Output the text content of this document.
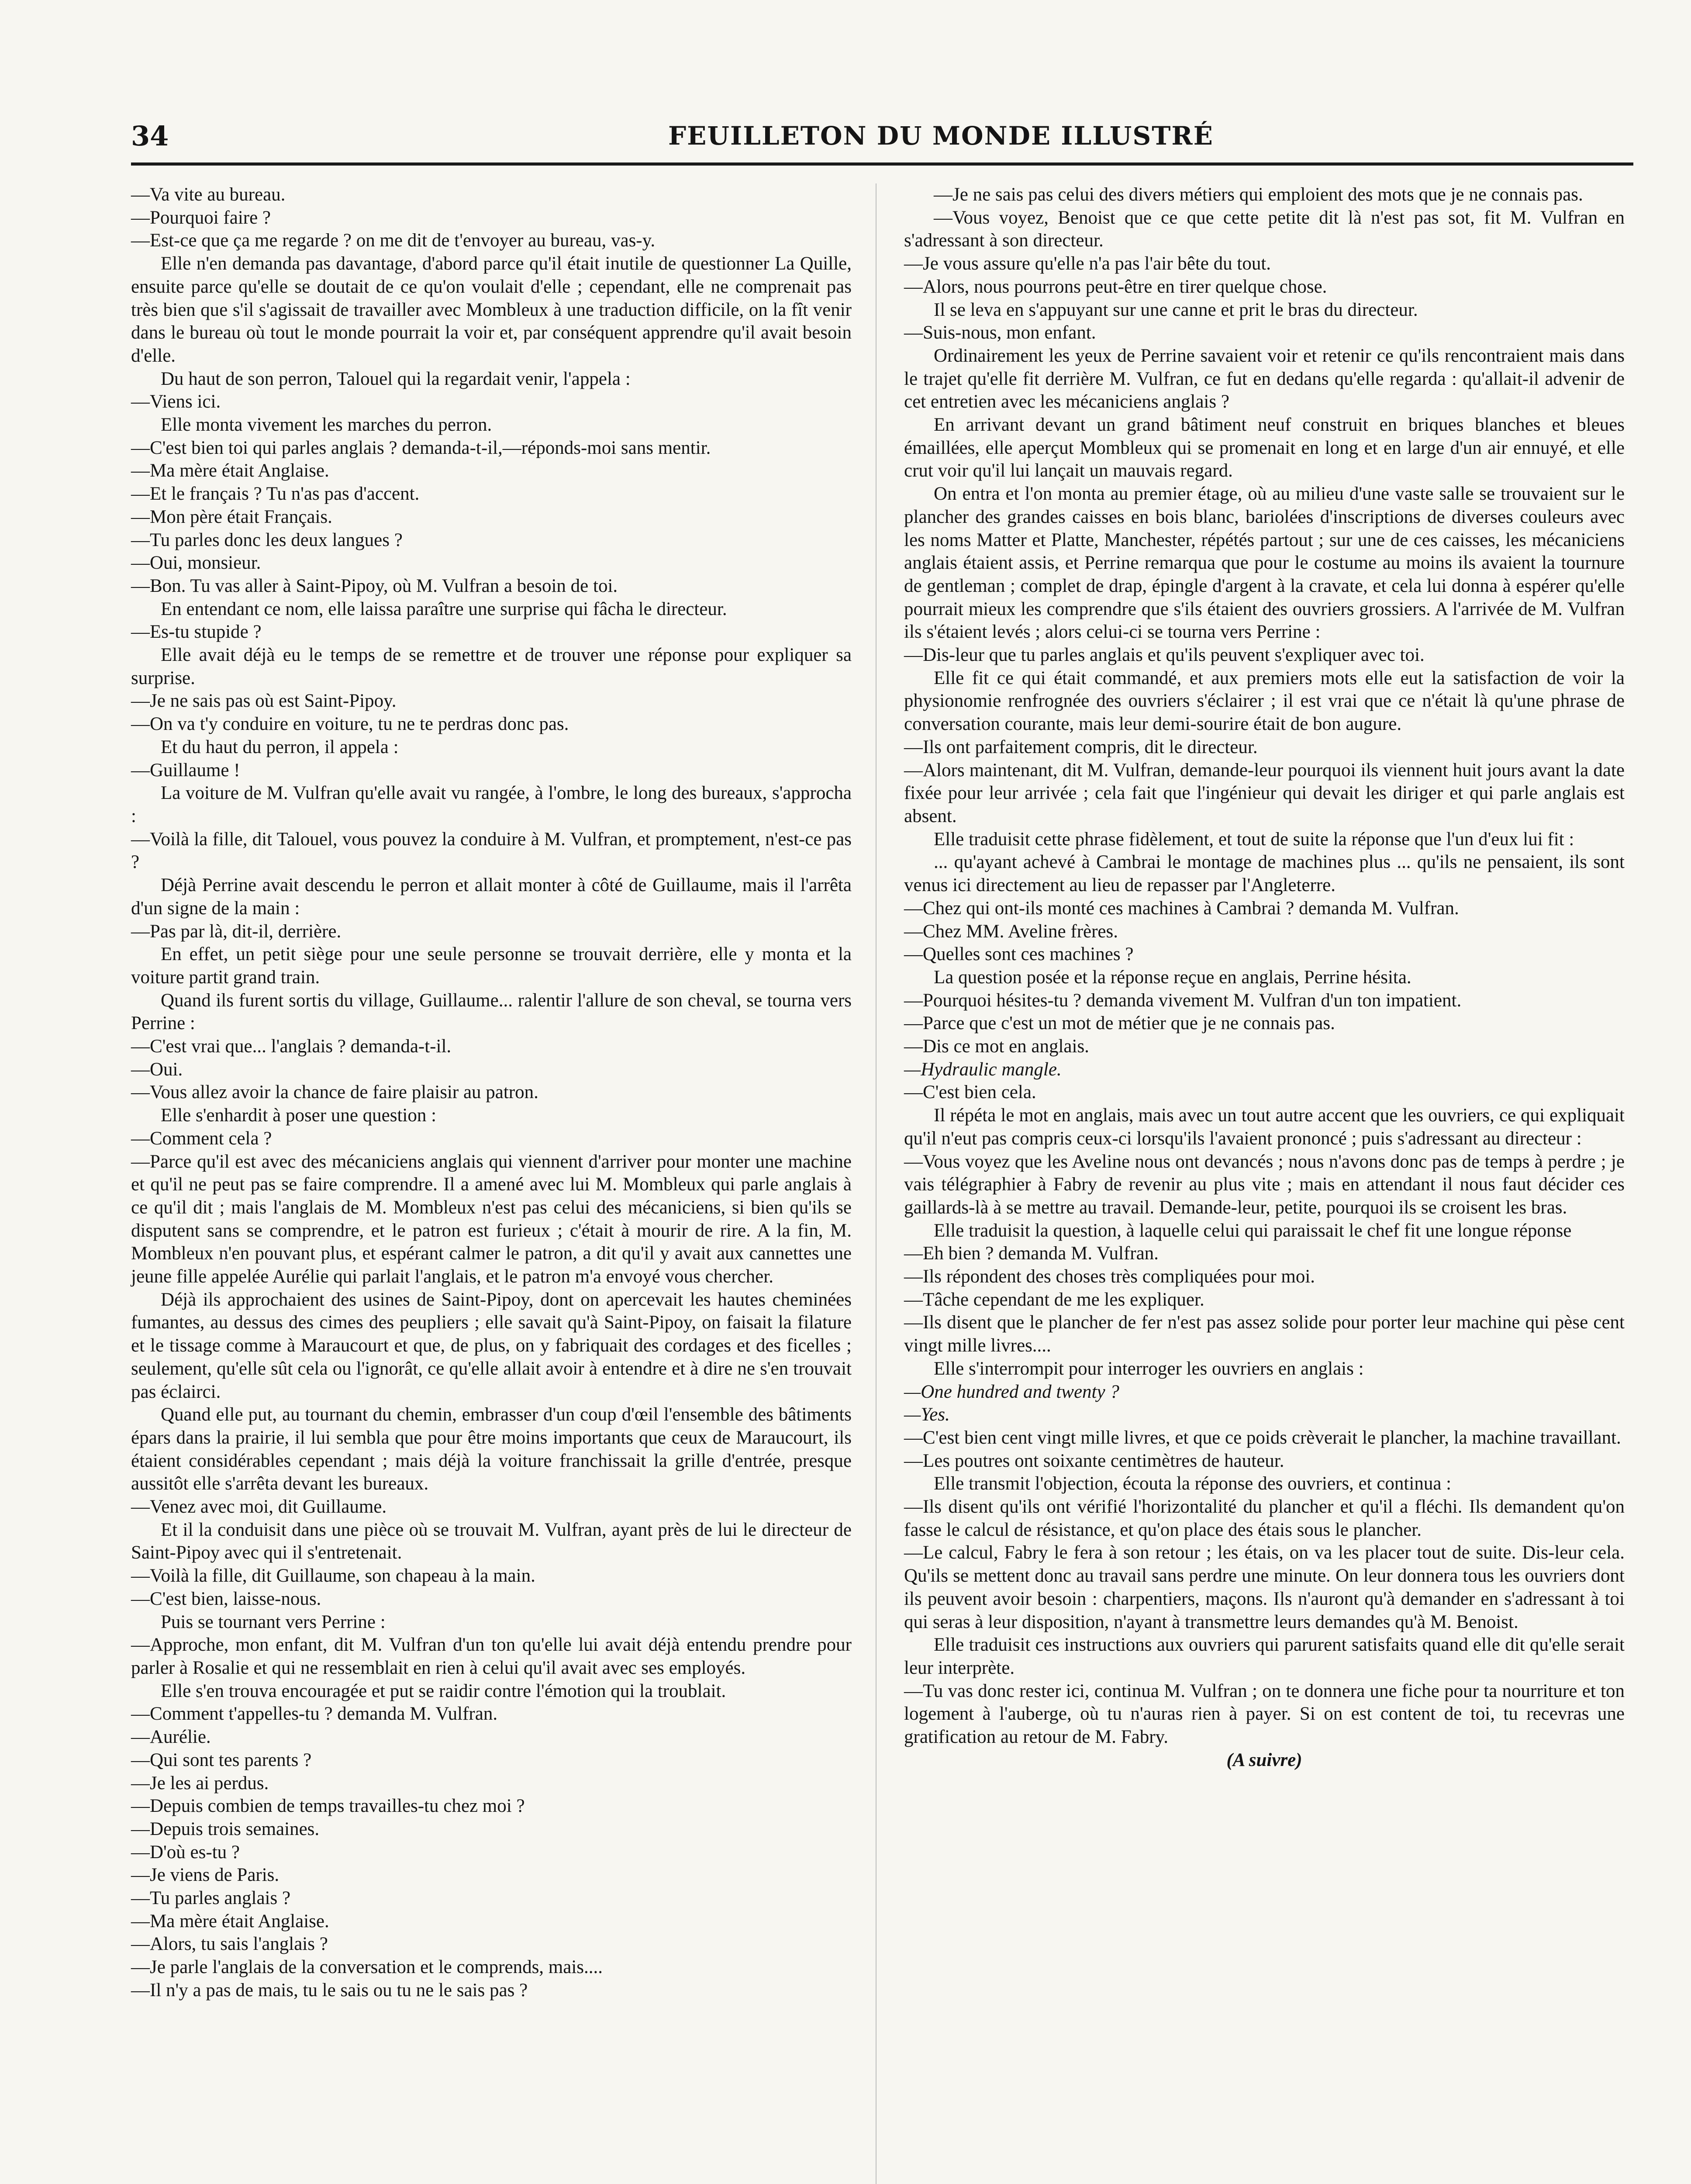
34	FEUILLETON DU MONDE ILLUSTRÉ

—Va vite au bureau.

—Pourquoi faire ?

—Est-ce que ça me regarde ? on me dit de t'envoyer au bureau, vas-y.

Elle n'en demanda pas davantage, d'abord parce qu'il était inutile de questionner La Quille, ensuite parce qu'elle se doutait de ce qu'on voulait d'elle ; cependant, elle ne comprenait pas très bien que s'il s'agissait de travailler avec Mombleux à une traduction difficile, on la fît venir dans le bureau où tout le monde pourrait la voir et, par conséquent apprendre qu'il avait besoin d'elle.

Du haut de son perron, Talouel qui la regardait venir, l'appela :

—Viens ici.

Elle monta vivement les marches du perron.

—C'est bien toi qui parles anglais ? demanda-t-il,—réponds-moi sans mentir.

—Ma mère était Anglaise.

—Et le français ? Tu n'as pas d'accent.

—Mon père était Français.

—Tu parles donc les deux langues ?

—Oui, monsieur.

—Bon. Tu vas aller à Saint-Pipoy, où M. Vulfran a besoin de toi.

En entendant ce nom, elle laissa paraître une surprise qui fâcha le directeur.

—Es-tu stupide ?

Elle avait déjà eu le temps de se remettre et de trouver une réponse pour expliquer sa surprise.

—Je ne sais pas où est Saint-Pipoy.

—On va t'y conduire en voiture, tu ne te perdras donc pas.

Et du haut du perron, il appela :

—Guillaume !

La voiture de M. Vulfran qu'elle avait vu rangée, à l'ombre, le long des bureaux, s'approcha :

—Voilà la fille, dit Talouel, vous pouvez la conduire à M. Vulfran, et promptement, n'est-ce pas ?

Déjà Perrine avait descendu le perron et allait monter à côté de Guillaume, mais il l'arrêta d'un signe de la main :

—Pas par là, dit-il, derrière.

En effet, un petit siège pour une seule personne se trouvait derrière, elle y monta et la voiture partit grand train.

Quand ils furent sortis du village, Guillaume... ralentir l'allure de son cheval, se tourna vers Perrine :

—C'est vrai que... l'anglais ? demanda-t-il.

—Oui.

—Vous allez avoir la chance de faire plaisir au patron.

Elle s'enhardit à poser une question :

—Comment cela ?

—Parce qu'il est avec des mécaniciens anglais qui viennent d'arriver pour monter une machine et qu'il ne peut pas se faire comprendre. Il a amené avec lui M. Mombleux qui parle anglais à ce qu'il dit ; mais l'anglais de M. Mombleux n'est pas celui des mécaniciens, si bien qu'ils se disputent sans se comprendre, et le patron est furieux ; c'était à mourir de rire. A la fin, M. Mombleux n'en pouvant plus, et espérant calmer le patron, a dit qu'il y avait aux cannettes une jeune fille appelée Aurélie qui parlait l'anglais, et le patron m'a envoyé vous chercher.

Déjà ils approchaient des usines de Saint-Pipoy, dont on apercevait les hautes cheminées fumantes, au dessus des cimes des peupliers ; elle savait qu'à Saint-Pipoy, on faisait la filature et le tissage comme à Maraucourt et que, de plus, on y fabriquait des cordages et des ficelles ; seulement, qu'elle sût cela ou l'ignorât, ce qu'elle allait avoir à entendre et à dire ne s'en trouvait pas éclairci.

Quand elle put, au tournant du chemin, embrasser d'un coup d'œil l'ensemble des bâtiments épars dans la prairie, il lui sembla que pour être moins importants que ceux de Maraucourt, ils étaient considérables cependant ; mais déjà la voiture franchissait la grille d'entrée, presque aussitôt elle s'arrêta devant les bureaux.

—Venez avec moi, dit Guillaume.

Et il la conduisit dans une pièce où se trouvait M. Vulfran, ayant près de lui le directeur de Saint-Pipoy avec qui il s'entretenait.

—Voilà la fille, dit Guillaume, son chapeau à la main.

—C'est bien, laisse-nous.

Puis se tournant vers Perrine :

—Approche, mon enfant, dit M. Vulfran d'un ton qu'elle lui avait déjà entendu prendre pour parler à Rosalie et qui ne ressemblait en rien à celui qu'il avait avec ses employés.

Elle s'en trouva encouragée et put se raidir contre l'émotion qui la troublait.

—Comment t'appelles-tu ? demanda M. Vulfran.

—Aurélie.

—Qui sont tes parents ?

—Je les ai perdus.

—Depuis combien de temps travailles-tu chez moi ?

—Depuis trois semaines.

—D'où es-tu ?

—Je viens de Paris.

—Tu parles anglais ?

—Ma mère était Anglaise.

—Alors, tu sais l'anglais ?

—Je parle l'anglais de la conversation et le comprends, mais....

—Il n'y a pas de mais, tu le sais ou tu ne le sais pas ?

—Je ne sais pas celui des divers métiers qui emploient des mots que je ne connais pas.

—Vous voyez, Benoist que ce que cette petite dit là n'est pas sot, fit M. Vulfran en s'adressant à son directeur.

—Je vous assure qu'elle n'a pas l'air bête du tout.

—Alors, nous pourrons peut-être en tirer quelque chose.

Il se leva en s'appuyant sur une canne et prit le bras du directeur.

—Suis-nous, mon enfant.

Ordinairement les yeux de Perrine savaient voir et retenir ce qu'ils rencontraient mais dans le trajet qu'elle fit derrière M. Vulfran, ce fut en dedans qu'elle regarda : qu'allait-il advenir de cet entretien avec les mécaniciens anglais ?

En arrivant devant un grand bâtiment neuf construit en briques blanches et bleues émaillées, elle aperçut Mombleux qui se promenait en long et en large d'un air ennuyé, et elle crut voir qu'il lui lançait un mauvais regard.

On entra et l'on monta au premier étage, où au milieu d'une vaste salle se trouvaient sur le plancher des grandes caisses en bois blanc, bariolées d'inscriptions de diverses couleurs avec les noms Matter et Platte, Manchester, répétés partout ; sur une de ces caisses, les mécaniciens anglais étaient assis, et Perrine remarqua que pour le costume au moins ils avaient la tournure de gentleman ; complet de drap, épingle d'argent à la cravate, et cela lui donna à espérer qu'elle pourrait mieux les comprendre que s'ils étaient des ouvriers grossiers. A l'arrivée de M. Vulfran ils s'étaient levés ; alors celui-ci se tourna vers Perrine :

—Dis-leur que tu parles anglais et qu'ils peuvent s'expliquer avec toi.

Elle fit ce qui était commandé, et aux premiers mots elle eut la satisfaction de voir la physionomie renfrognée des ouvriers s'éclairer ; il est vrai que ce n'était là qu'une phrase de conversation courante, mais leur demi-sourire était de bon augure.

—Ils ont parfaitement compris, dit le directeur.

—Alors maintenant, dit M. Vulfran, demande-leur pourquoi ils viennent huit jours avant la date fixée pour leur arrivée ; cela fait que l'ingénieur qui devait les diriger et qui parle anglais est absent.

Elle traduisit cette phrase fidèlement, et tout de suite la réponse que l'un d'eux lui fit :

... qu'ayant achevé à Cambrai le montage de machines plus ... qu'ils ne pensaient, ils sont venus ici directement au lieu de repasser par l'Angleterre.

—Chez qui ont-ils monté ces machines à Cambrai ? demanda M. Vulfran.

—Chez MM. Aveline frères.

—Quelles sont ces machines ?

La question posée et la réponse reçue en anglais, Perrine hésita.

—Pourquoi hésites-tu ? demanda vivement M. Vulfran d'un ton impatient.

—Parce que c'est un mot de métier que je ne connais pas.

—Dis ce mot en anglais.

—Hydraulic mangle.

—C'est bien cela.

Il répéta le mot en anglais, mais avec un tout autre accent que les ouvriers, ce qui expliquait qu'il n'eut pas compris ceux-ci lorsqu'ils l'avaient prononcé ; puis s'adressant au directeur :

—Vous voyez que les Aveline nous ont devancés ; nous n'avons donc pas de temps à perdre ; je vais télégraphier à Fabry de revenir au plus vite ; mais en attendant il nous faut décider ces gaillards-là à se mettre au travail. Demande-leur, petite, pourquoi ils se croisent les bras.

Elle traduisit la question, à laquelle celui qui paraissait le chef fit une longue réponse

—Eh bien ? demanda M. Vulfran.

—Ils répondent des choses très compliquées pour moi.

—Tâche cependant de me les expliquer.

—Ils disent que le plancher de fer n'est pas assez solide pour porter leur machine qui pèse cent vingt mille livres....

Elle s'interrompit pour interroger les ouvriers en anglais :

—One hundred and twenty ?

—Yes.

—C'est bien cent vingt mille livres, et que ce poids crèverait le plancher, la machine travaillant.

—Les poutres ont soixante centimètres de hauteur.

Elle transmit l'objection, écouta la réponse des ouvriers, et continua :

—Ils disent qu'ils ont vérifié l'horizontalité du plancher et qu'il a fléchi. Ils demandent qu'on fasse le calcul de résistance, et qu'on place des étais sous le plancher.

—Le calcul, Fabry le fera à son retour ; les étais, on va les placer tout de suite. Dis-leur cela. Qu'ils se mettent donc au travail sans perdre une minute. On leur donnera tous les ouvriers dont ils peuvent avoir besoin : charpentiers, maçons. Ils n'auront qu'à demander en s'adressant à toi qui seras à leur disposition, n'ayant à transmettre leurs demandes qu'à M. Benoist.

Elle traduisit ces instructions aux ouvriers qui parurent satisfaits quand elle dit qu'elle serait leur interprète.

—Tu vas donc rester ici, continua M. Vulfran ; on te donnera une fiche pour ta nourriture et ton logement à l'auberge, où tu n'auras rien à payer. Si on est content de toi, tu recevras une gratification au retour de M. Fabry.

(A suivre)
